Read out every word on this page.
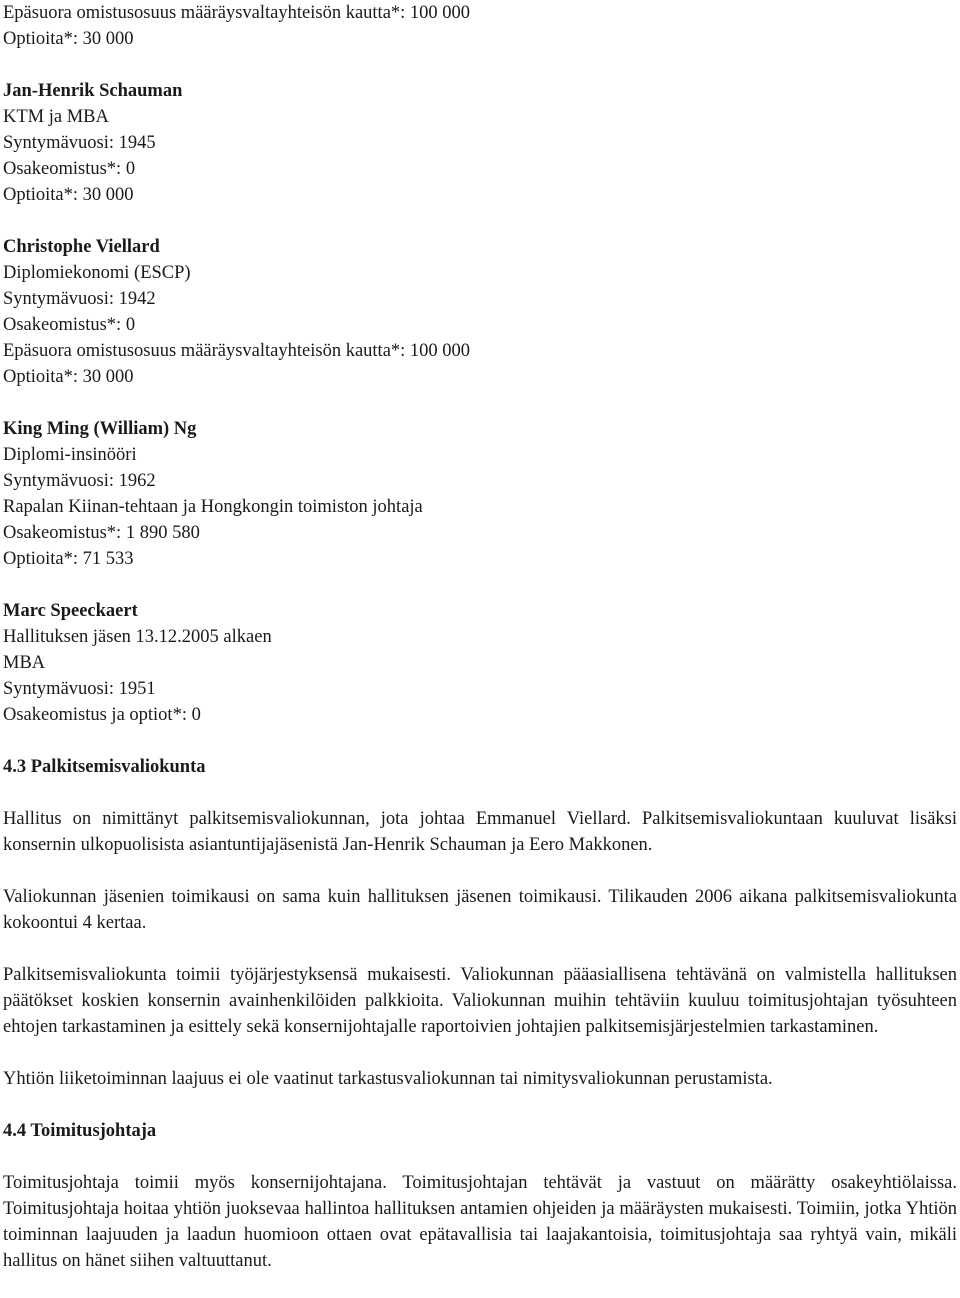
Epäsuora omistusosuus määräysvaltayhteisön kautta*: 100 000
Optioita*: 30 000
Jan-Henrik Schauman
KTM ja MBA
Syntymävuosi: 1945
Osakeomistus*: 0
Optioita*: 30 000
Christophe Viellard
Diplomiekonomi (ESCP)
Syntymävuosi: 1942
Osakeomistus*: 0
Epäsuora omistusosuus määräysvaltayhteisön kautta*: 100 000
Optioita*: 30 000
King Ming (William) Ng
Diplomi-insinööri
Syntymävuosi: 1962
Rapalan Kiinan-tehtaan ja Hongkongin toimiston johtaja
Osakeomistus*: 1 890 580
Optioita*: 71 533
Marc Speeckaert
Hallituksen jäsen 13.12.2005 alkaen
MBA
Syntymävuosi: 1951
Osakeomistus ja optiot*: 0
4.3 Palkitsemisvaliokunta

Hallitus on nimittänyt palkitsemisvaliokunnan, jota johtaa Emmanuel Viellard. Palkitsemisvaliokuntaan kuuluvat lisäksi konsernin ulkopuolisista asiantuntijajäsenistä Jan-Henrik Schauman ja Eero Makkonen.

Valiokunnan jäsenien toimikausi on sama kuin hallituksen jäsenen toimikausi. Tilikauden 2006 aikana palkitsemisvaliokunta kokoontui 4 kertaa.

Palkitsemisvaliokunta toimii työjärjestyksensä mukaisesti. Valiokunnan pääasiallisena tehtävänä on valmistella hallituksen päätökset koskien konsernin avainhenkilöiden palkkioita. Valiokunnan muihin tehtäviin kuuluu toimitusjohtajan työsuhteen ehtojen tarkastaminen ja esittely sekä konsernijohtajalle raportoivien johtajien palkitsemisjärjestelmien tarkastaminen.

Yhtiön liiketoiminnan laajuus ei ole vaatinut tarkastusvaliokunnan tai nimitysvaliokunnan perustamista.

4.4 Toimitusjohtaja

Toimitusjohtaja toimii myös konsernijohtajana. Toimitusjohtajan tehtävät ja vastuut on määrätty osakeyhtiölaissa. Toimitusjohtaja hoitaa yhtiön juoksevaa hallintoa hallituksen antamien ohjeiden ja määräysten mukaisesti. Toimiin, jotka Yhtiön toiminnan laajuuden ja laadun huomioon ottaen ovat epätavallisia tai laajakantoisia, toimitusjohtaja saa ryhtyä vain, mikäli hallitus on hänet siihen valtuuttanut.
